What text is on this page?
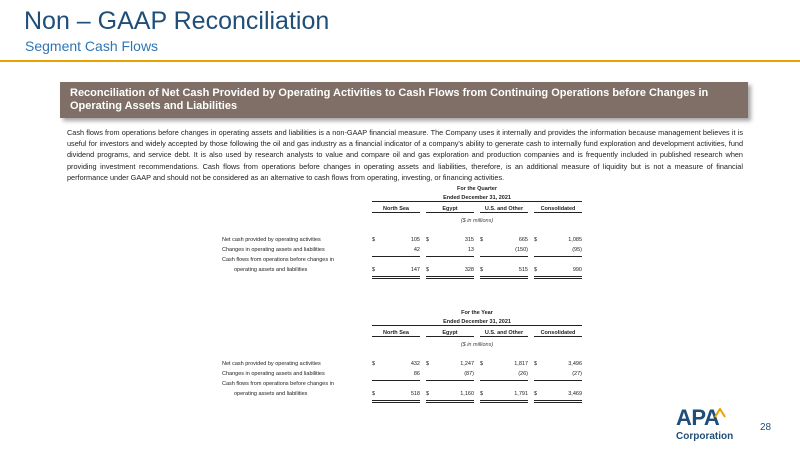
Non – GAAP Reconciliation
Segment Cash Flows
Reconciliation of Net Cash Provided by Operating Activities to Cash Flows from Continuing Operations before Changes in Operating Assets and Liabilities
Cash flows from operations before changes in operating assets and liabilities is a non-GAAP financial measure. The Company uses it internally and provides the information because management believes it is useful for investors and widely accepted by those following the oil and gas industry as a financial indicator of a company's ability to generate cash to internally fund exploration and development activities, fund dividend programs, and service debt. It is also used by research analysts to value and compare oil and gas exploration and production companies and is frequently included in published research when providing investment recommendations. Cash flows from operations before changes in operating assets and liabilities, therefore, is an additional measure of liquidity but is not a measure of financial performance under GAAP and should not be considered as an alternative to cash flows from operating, investing, or financing activities.
For the Quarter
Ended December 31, 2021
North Sea	Egypt	U.S. and Other	Consolidated
($ in millions)
Net cash provided by operating activities	$	105 $	315 $	665 $	1,085
Changes in operating assets and liabilities	42	13	(150)	(95)
Cash flows from operations before changes in
operating assets and liabilities	$	147 $	328 $	515 $	990
For the Year
Ended December 31, 2021
North Sea	Egypt	U.S. and Other	Consolidated
($ in millions)
Net cash provided by operating activities	$	432 $	1,247 $	1,817 $	3,496
Changes in operating assets and liabilities	86	(87)	(26)	(27)
Cash flows from operations before changes in
operating assets and liabilities	$	518 $	1,160 $	1,791 $	3,469
APA
Corporation
28
